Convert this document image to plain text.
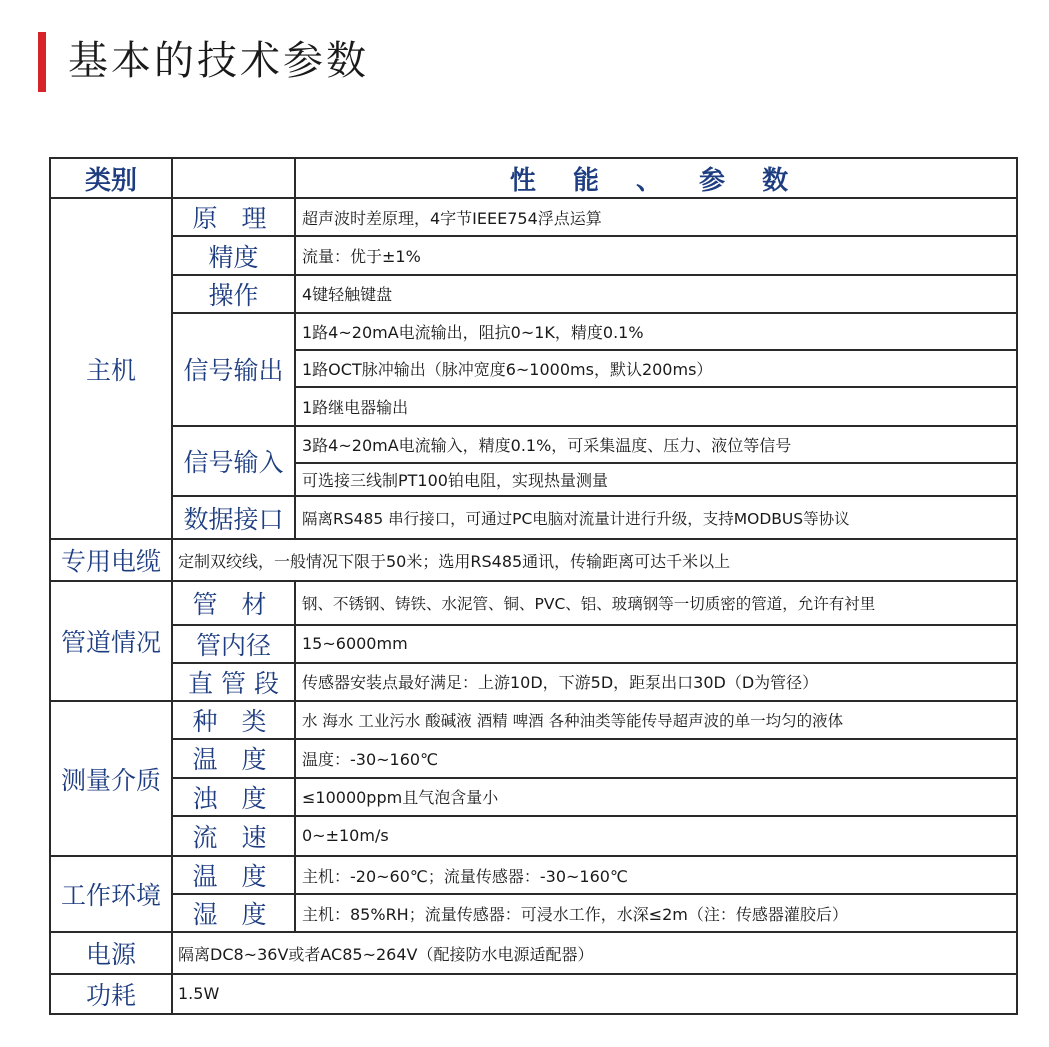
基本的技术参数
类别		性 能 、 参 数
主机	原 理	超声波时差原理，4字节IEEE754浮点运算
	精度	流量：优于±1%
	操作	4键轻触键盘
	信号输出	1路4~20mA电流输出，阻抗0~1K，精度0.1%
		1路OCT脉冲输出（脉冲宽度6~1000ms，默认200ms）
		1路继电器输出
	信号输入	3路4~20mA电流输入，精度0.1%，可采集温度、压力、液位等信号
		可选接三线制PT100铂电阻，实现热量测量
	数据接口	隔离RS485 串行接口，可通过PC电脑对流量计进行升级，支持MODBUS等协议
专用电缆	定制双绞线，一般情况下限于50米；选用RS485通讯，传输距离可达千米以上	
管道情况	管 材	钢、不锈钢、铸铁、水泥管、铜、PVC、铝、玻璃钢等一切质密的管道，允许有衬里
	管内径	15~6000mm
	直 管 段	传感器安装点最好满足：上游10D，下游5D，距泵出口30D（D为管径）
测量介质	种 类	水 海水 工业污水 酸碱液 酒精 啤酒 各种油类等能传导超声波的单一均匀的液体
	温 度	温度：-30~160℃
	浊 度	≤10000ppm且气泡含量小
	流 速	0~±10m/s
工作环境	温 度	主机：-20~60℃；流量传感器：-30~160℃
	湿 度	主机：85%RH；流量传感器：可浸水工作，水深≤2m（注：传感器灌胶后）
电源	隔离DC8~36V或者AC85~264V（配接防水电源适配器）	
功耗	1.5W	
